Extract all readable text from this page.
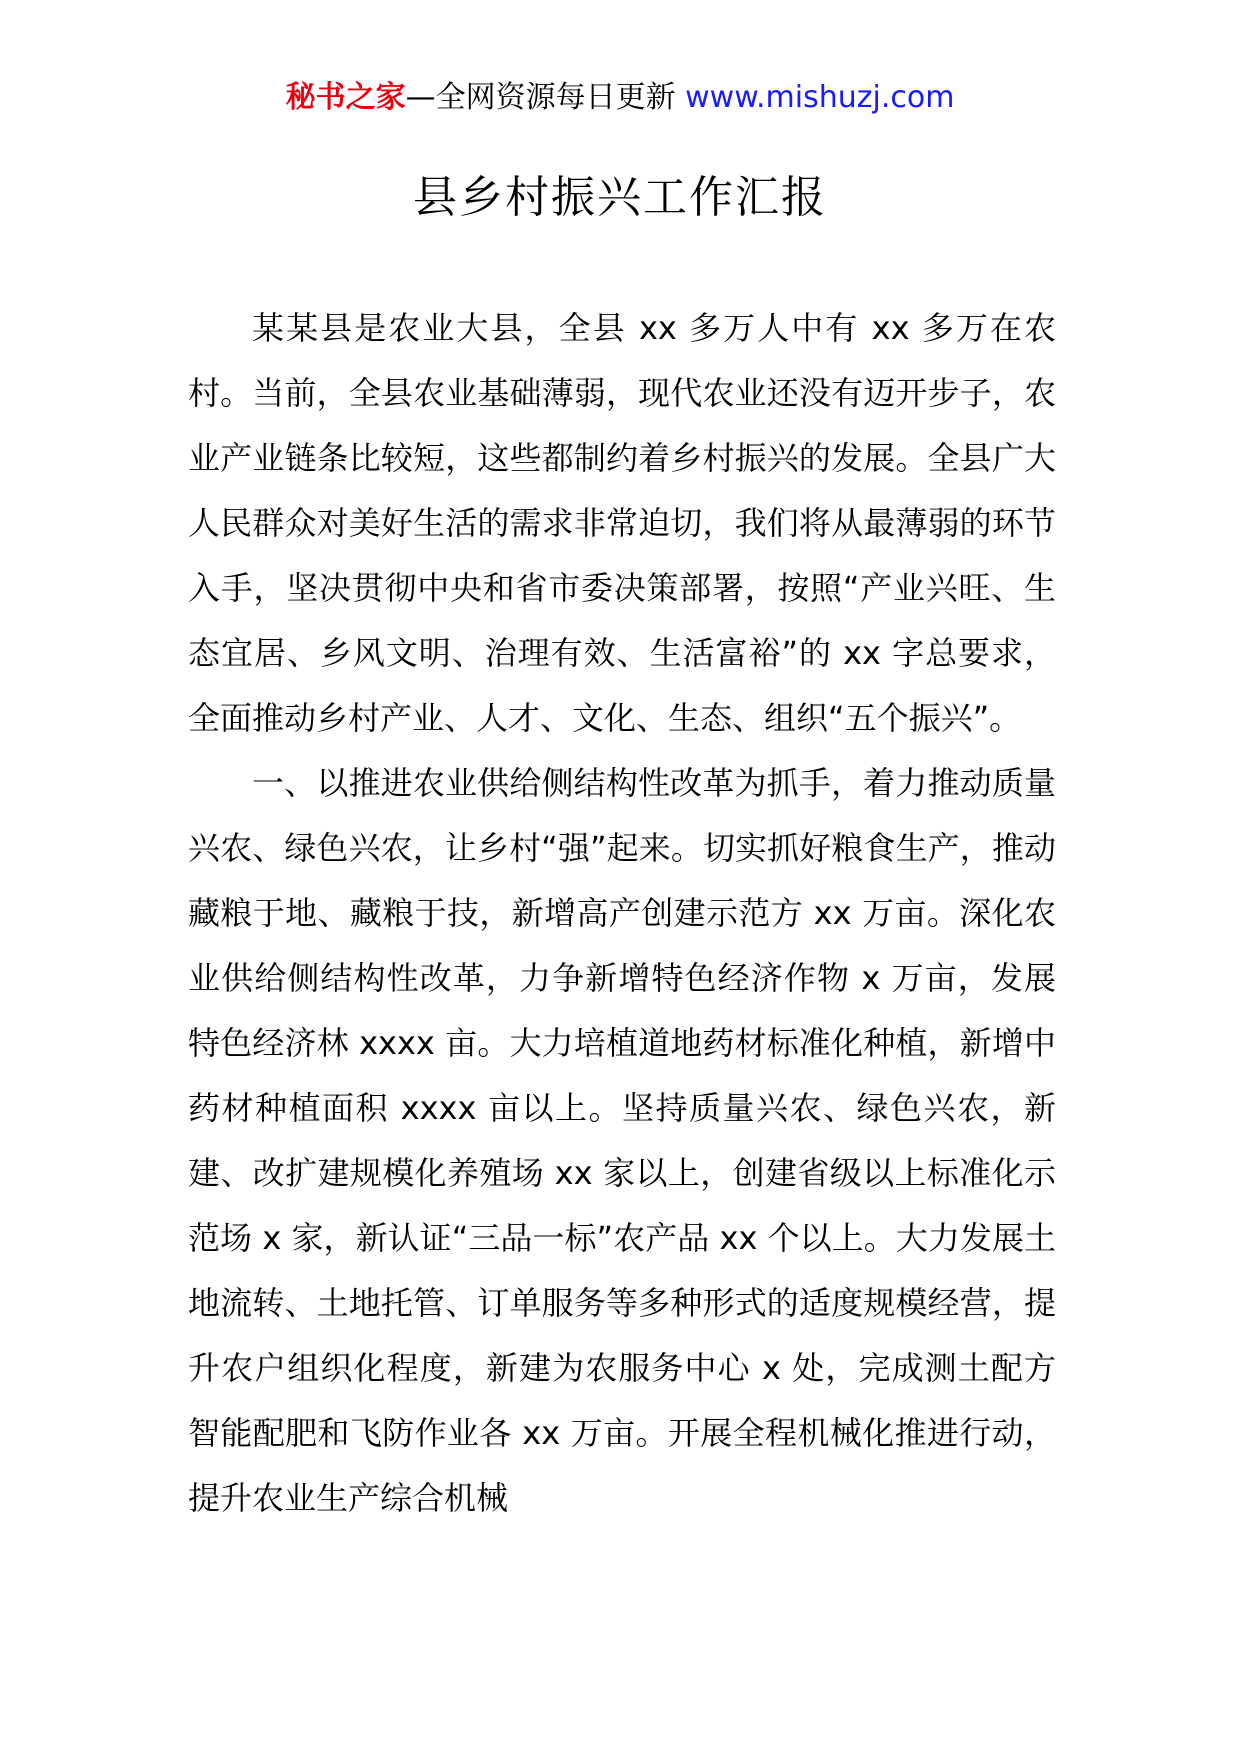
秘书之家—全网资源每日更新 www.mishuzj.com
县乡村振兴工作汇报

某某县是农业大县，全县 xx 多万人中有 xx 多万在农村。当前，全县农业基础薄弱，现代农业还没有迈开步子，农业产业链条比较短，这些都制约着乡村振兴的发展。全县广大人民群众对美好生活的需求非常迫切，我们将从最薄弱的环节入手，坚决贯彻中央和省市委决策部署，按照“产业兴旺、生态宜居、乡风文明、治理有效、生活富裕”的 xx 字总要求，全面推动乡村产业、人才、文化、生态、组织“五个振兴”。

一、以推进农业供给侧结构性改革为抓手，着力推动质量兴农、绿色兴农，让乡村“强”起来。切实抓好粮食生产，推动藏粮于地、藏粮于技，新增高产创建示范方 xx 万亩。深化农业供给侧结构性改革，力争新增特色经济作物 x 万亩，发展特色经济林 xxxx 亩。大力培植道地药材标准化种植，新增中药材种植面积 xxxx 亩以上。坚持质量兴农、绿色兴农，新建、改扩建规模化养殖场 xx 家以上，创建省级以上标准化示范场 x 家，新认证“三品一标”农产品 xx 个以上。大力发展土地流转、土地托管、订单服务等多种形式的适度规模经营，提升农户组织化程度，新建为农服务中心 x 处，完成测土配方智能配肥和飞防作业各 xx 万亩。开展全程机械化推进行动，提升农业生产综合机械
